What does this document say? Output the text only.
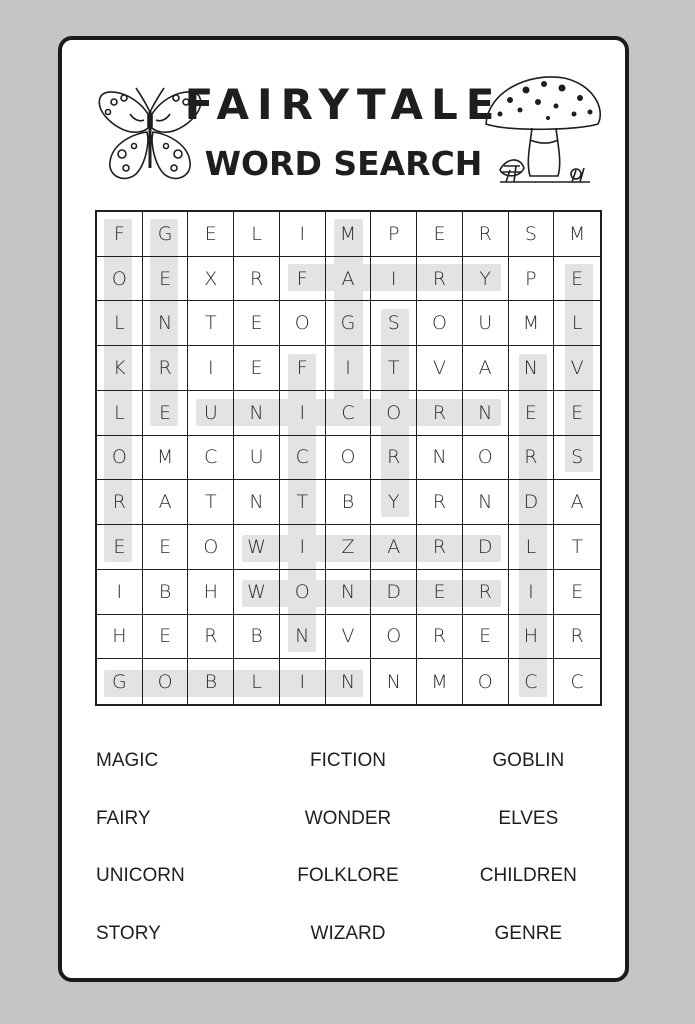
FAIRYTALE
WORD SEARCH
F	G	E	L	I	M	P	E	R	S	M
O	E	X	R	F	A	I	R	Y	P	E
L	N	T	E	O	G	S	O	U	M	L
K	R	I	E	F	I	T	V	A	N	V
L	E	U	N	I	C	O	R	N	E	E
O	M	C	U	C	O	R	N	O	R	S
R	A	T	N	T	B	Y	R	N	D	A
E	E	O	W	I	Z	A	R	D	L	T
I	B	H	W	O	N	D	E	R	I	E
H	E	R	B	N	V	O	R	E	H	R
G	O	B	L	I	N	N	M	O	C	C
MAGIC	FICTION	GOBLIN
FAIRY	WONDER	ELVES
UNICORN	FOLKLORE	CHILDREN
STORY	WIZARD	GENRE
